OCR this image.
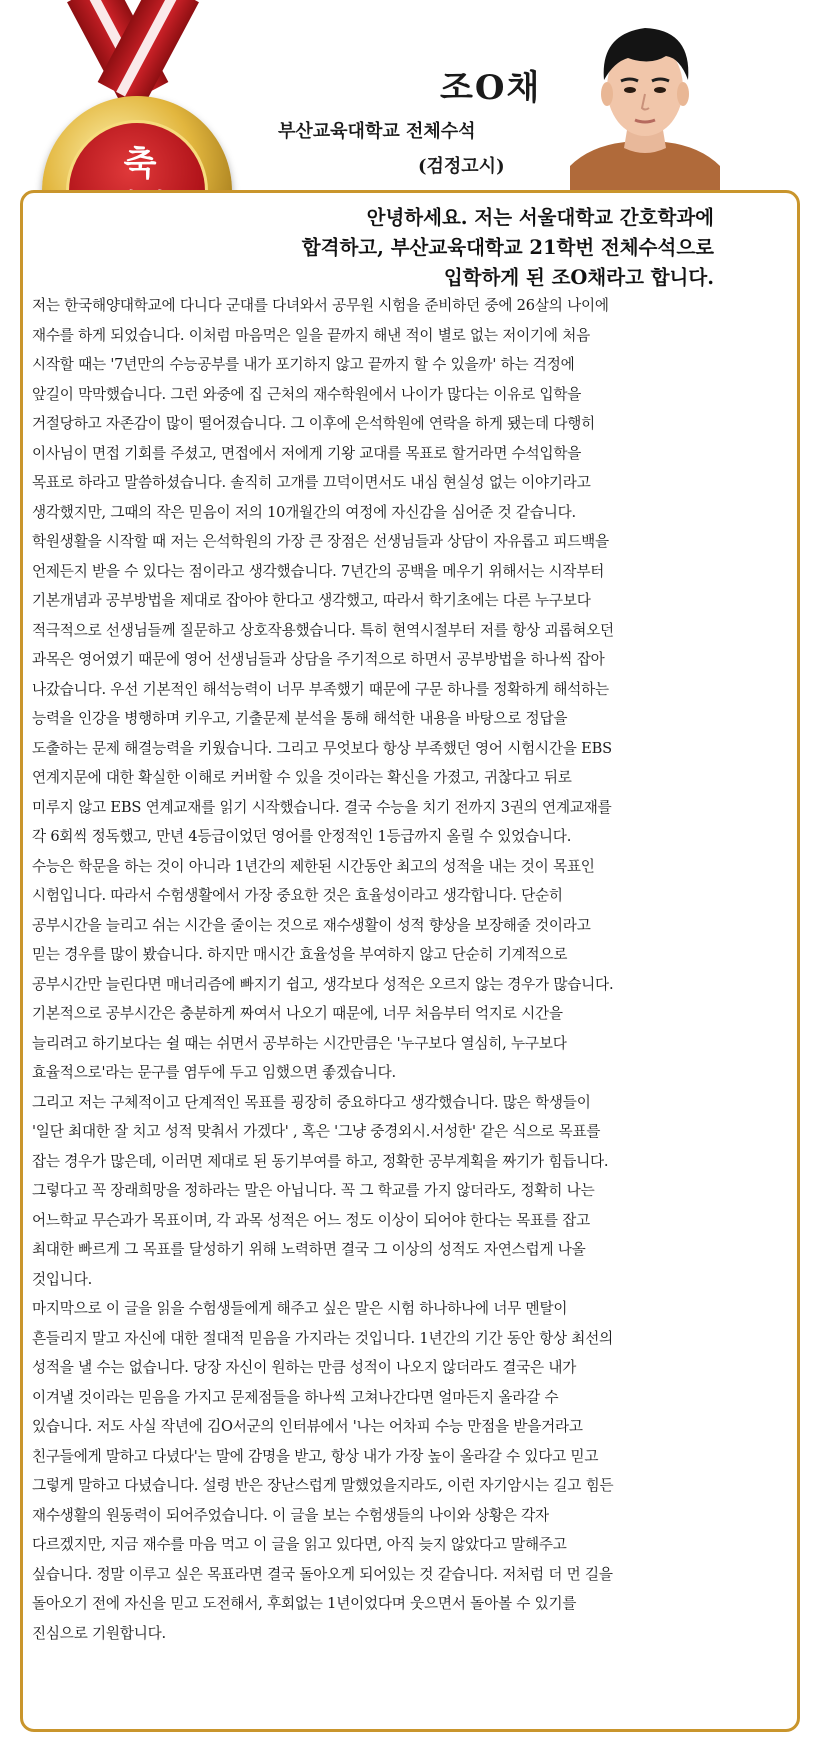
축
조O채
부산교육대학교 전체수석
(검정고시)
안녕하세요. 저는 서울대학교 간호학과에
합격하고, 부산교육대학교 21학번 전체수석으로
입학하게 된 조O채라고 합니다.
저는 한국해양대학교에 다니다 군대를 다녀와서 공무원 시험을 준비하던 중에 26살의 나이에
재수를 하게 되었습니다. 이처럼 마음먹은 일을 끝까지 해낸 적이 별로 없는 저이기에 처음
시작할 때는 '7년만의 수능공부를 내가 포기하지 않고 끝까지 할 수 있을까' 하는 걱정에
앞길이 막막했습니다. 그런 와중에 집 근처의 재수학원에서 나이가 많다는 이유로 입학을
거절당하고 자존감이 많이 떨어졌습니다. 그 이후에 은석학원에 연락을 하게 됐는데 다행히
이사님이 면접 기회를 주셨고, 면접에서 저에게 기왕 교대를 목표로 할거라면 수석입학을
목표로 하라고 말씀하셨습니다. 솔직히 고개를 끄덕이면서도 내심 현실성 없는 이야기라고
생각했지만, 그때의 작은 믿음이 저의 10개월간의 여정에 자신감을 심어준 것 같습니다.
학원생활을 시작할 때 저는 은석학원의 가장 큰 장점은 선생님들과 상담이 자유롭고 피드백을
언제든지 받을 수 있다는 점이라고 생각했습니다. 7년간의 공백을 메우기 위해서는 시작부터
기본개념과 공부방법을 제대로 잡아야 한다고 생각했고, 따라서 학기초에는 다른 누구보다
적극적으로 선생님들께 질문하고 상호작용했습니다. 특히 현역시절부터 저를 항상 괴롭혀오던
과목은 영어였기 때문에 영어 선생님들과 상담을 주기적으로 하면서 공부방법을 하나씩 잡아
나갔습니다. 우선 기본적인 해석능력이 너무 부족했기 때문에 구문 하나를 정확하게 해석하는
능력을 인강을 병행하며 키우고, 기출문제 분석을 통해 해석한 내용을 바탕으로 정답을
도출하는 문제 해결능력을 키웠습니다. 그리고 무엇보다 항상 부족했던 영어 시험시간을 EBS
연계지문에 대한 확실한 이해로 커버할 수 있을 것이라는 확신을 가졌고, 귀찮다고 뒤로
미루지 않고 EBS 연계교재를 읽기 시작했습니다. 결국 수능을 치기 전까지 3권의 연계교재를
각 6회씩 정독했고, 만년 4등급이었던 영어를 안정적인 1등급까지 올릴 수 있었습니다.
수능은 학문을 하는 것이 아니라 1년간의 제한된 시간동안 최고의 성적을 내는 것이 목표인
시험입니다. 따라서 수험생활에서 가장 중요한 것은 효율성이라고 생각합니다. 단순히
공부시간을 늘리고 쉬는 시간을 줄이는 것으로 재수생활이 성적 향상을 보장해줄 것이라고
믿는 경우를 많이 봤습니다. 하지만 매시간 효율성을 부여하지 않고 단순히 기계적으로
공부시간만 늘린다면 매너리즘에 빠지기 쉽고, 생각보다 성적은 오르지 않는 경우가 많습니다.
기본적으로 공부시간은 충분하게 짜여서 나오기 때문에, 너무 처음부터 억지로 시간을
늘리려고 하기보다는 쉴 때는 쉬면서 공부하는 시간만큼은 '누구보다 열심히, 누구보다
효율적으로'라는 문구를 염두에 두고 임했으면 좋겠습니다.
그리고 저는 구체적이고 단계적인 목표를 굉장히 중요하다고 생각했습니다. 많은 학생들이
'일단 최대한 잘 치고 성적 맞춰서 가겠다' , 혹은 '그냥 중경외시.서성한' 같은 식으로 목표를
잡는 경우가 많은데, 이러면 제대로 된 동기부여를 하고, 정확한 공부계획을 짜기가 힘듭니다.
그렇다고 꼭 장래희망을 정하라는 말은 아닙니다. 꼭 그 학교를 가지 않더라도, 정확히 나는
어느학교 무슨과가 목표이며, 각 과목 성적은 어느 정도 이상이 되어야 한다는 목표를 잡고
최대한 빠르게 그 목표를 달성하기 위해 노력하면 결국 그 이상의 성적도 자연스럽게 나올
것입니다.
마지막으로 이 글을 읽을 수험생들에게 해주고 싶은 말은 시험 하나하나에 너무 멘탈이
흔들리지 말고 자신에 대한 절대적 믿음을 가지라는 것입니다. 1년간의 기간 동안 항상 최선의
성적을 낼 수는 없습니다. 당장 자신이 원하는 만큼 성적이 나오지 않더라도 결국은 내가
이겨낼 것이라는 믿음을 가지고 문제점들을 하나씩 고쳐나간다면 얼마든지 올라갈 수
있습니다. 저도 사실 작년에 김O서군의 인터뷰에서 '나는 어차피 수능 만점을 받을거라고
친구들에게 말하고 다녔다'는 말에 감명을 받고, 항상 내가 가장 높이 올라갈 수 있다고 믿고
그렇게 말하고 다녔습니다. 설령 반은 장난스럽게 말했었을지라도, 이런 자기암시는 길고 힘든
재수생활의 원동력이 되어주었습니다. 이 글을 보는 수험생들의 나이와 상황은 각자
다르겠지만, 지금 재수를 마음 먹고 이 글을 읽고 있다면, 아직 늦지 않았다고 말해주고
싶습니다. 정말 이루고 싶은 목표라면 결국 돌아오게 되어있는 것 같습니다. 저처럼 더 먼 길을
돌아오기 전에 자신을 믿고 도전해서, 후회없는 1년이었다며 웃으면서 돌아볼 수 있기를
진심으로 기원합니다.
